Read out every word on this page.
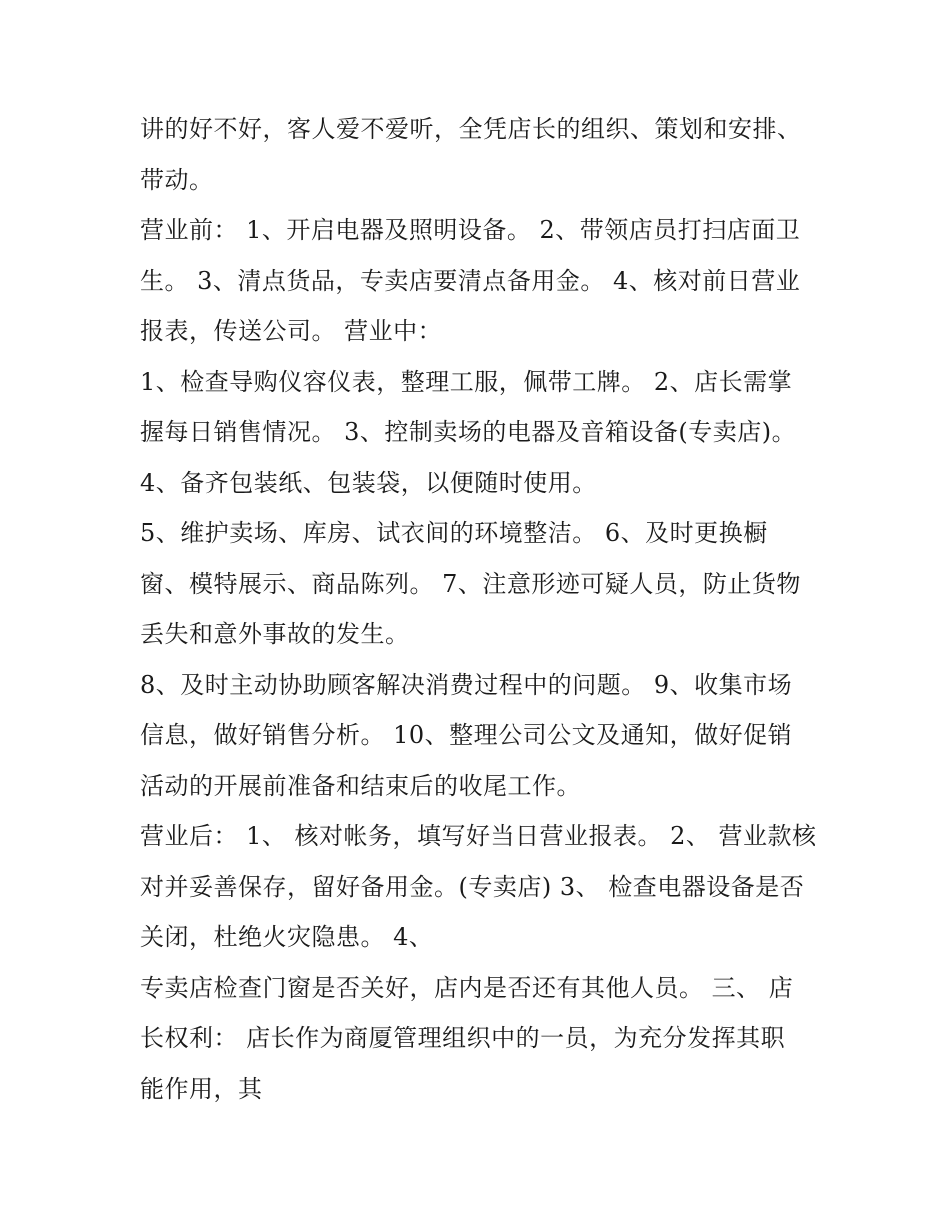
讲的好不好，客人爱不爱听，全凭店长的组织、策划和安排、
带动。
营业前： 1、开启电器及照明设备。 2、带领店员打扫店面卫
生。 3、清点货品，专卖店要清点备用金。 4、核对前日营业
报表，传送公司。 营业中：
1、检查导购仪容仪表，整理工服，佩带工牌。 2、店长需掌
握每日销售情况。 3、控制卖场的电器及音箱设备(专卖店)。
4、备齐包装纸、包装袋，以便随时使用。
5、维护卖场、库房、试衣间的环境整洁。 6、及时更换橱
窗、模特展示、商品陈列。 7、注意形迹可疑人员，防止货物
丢失和意外事故的发生。
8、及时主动协助顾客解决消费过程中的问题。 9、收集市场
信息，做好销售分析。 10、整理公司公文及通知，做好促销
活动的开展前准备和结束后的收尾工作。
营业后： 1、 核对帐务，填写好当日营业报表。 2、 营业款核
对并妥善保存，留好备用金。(专卖店) 3、 检查电器设备是否
关闭，杜绝火灾隐患。 4、
专卖店检查门窗是否关好，店内是否还有其他人员。 三、 店
长权利： 店长作为商厦管理组织中的一员，为充分发挥其职
能作用，其
